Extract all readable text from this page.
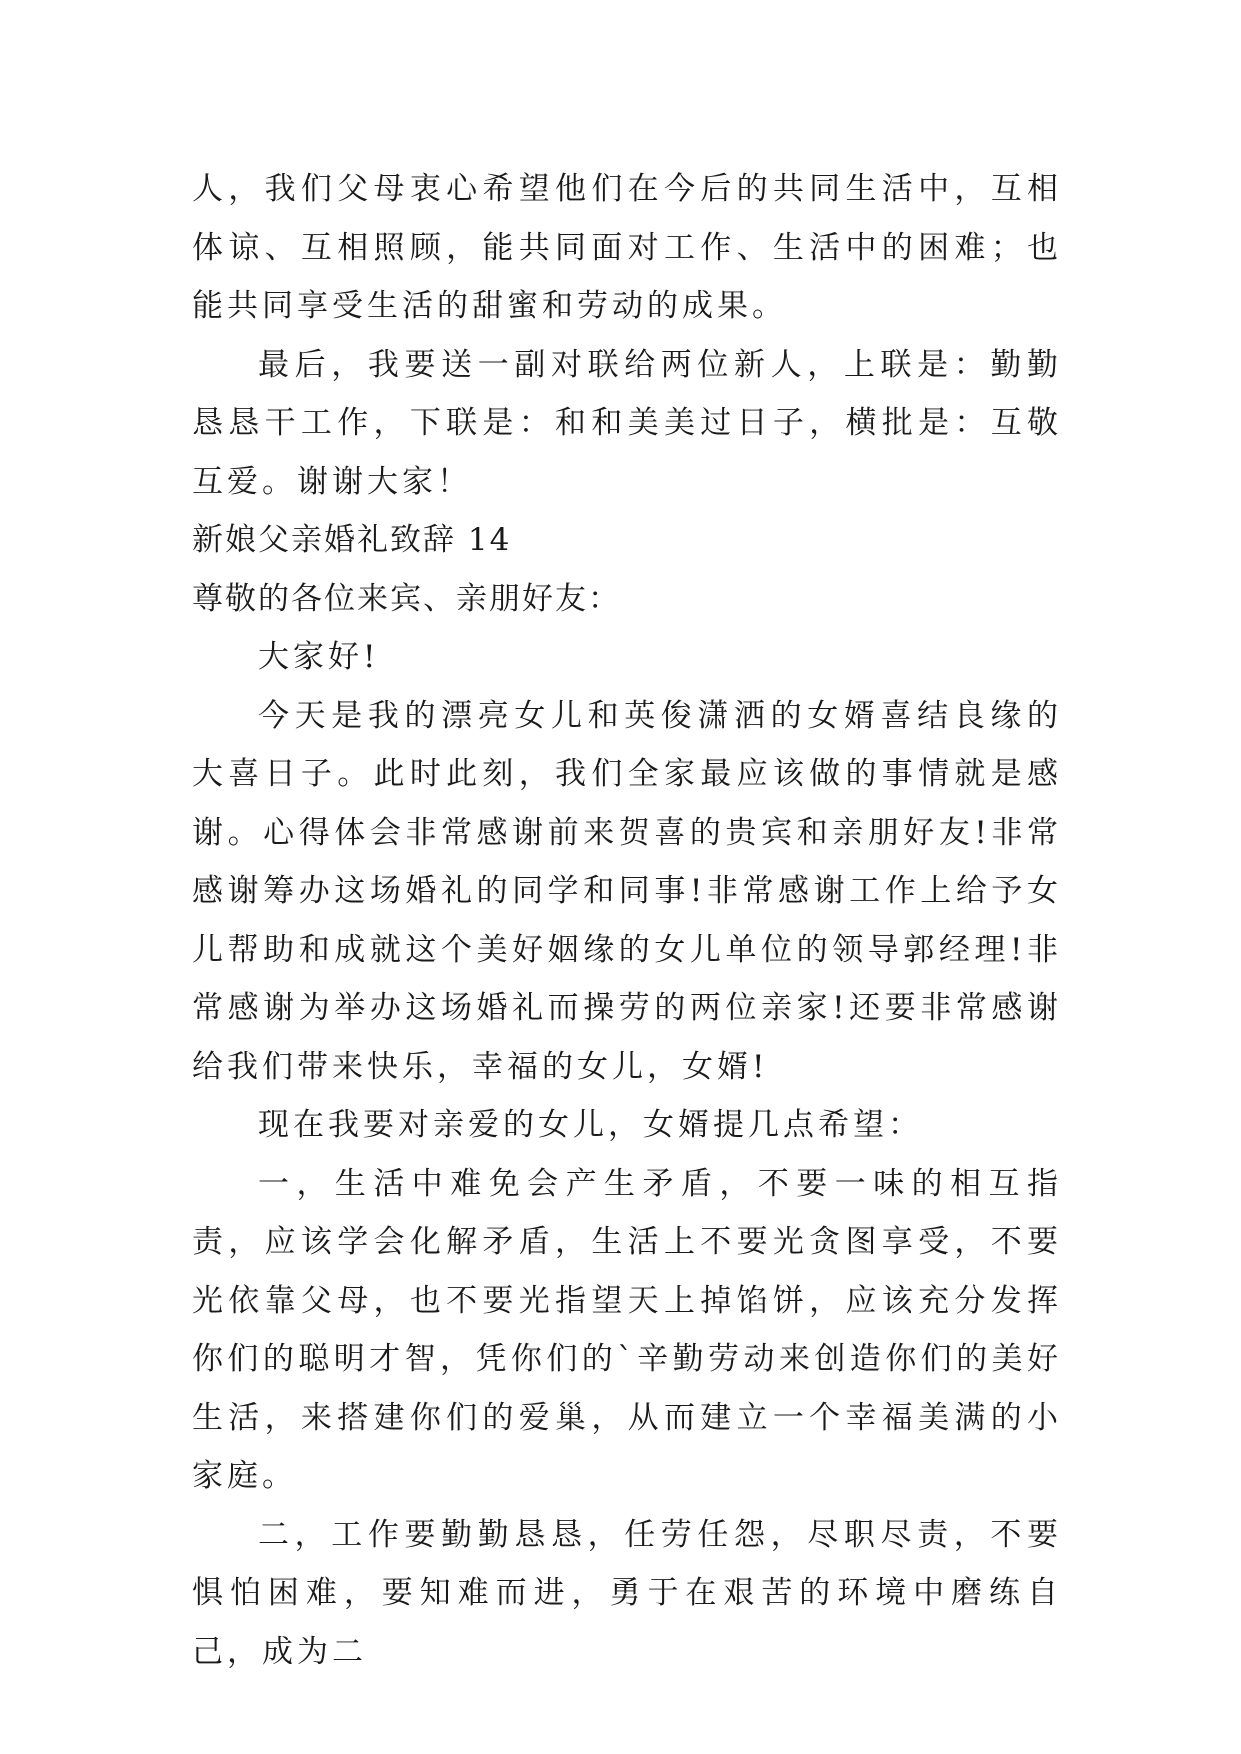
人，我们父母衷心希望他们在今后的共同生活中，互相体谅、互相照顾，能共同面对工作、生活中的困难；也能共同享受生活的甜蜜和劳动的成果。

最后，我要送一副对联给两位新人，上联是：勤勤恳恳干工作，下联是：和和美美过日子，横批是：互敬互爱。谢谢大家！

新娘父亲婚礼致辞 14

尊敬的各位来宾、亲朋好友：

大家好!

今天是我的漂亮女儿和英俊潇洒的女婿喜结良缘的大喜日子。此时此刻，我们全家最应该做的事情就是感谢。心得体会非常感谢前来贺喜的贵宾和亲朋好友!非常感谢筹办这场婚礼的同学和同事!非常感谢工作上给予女儿帮助和成就这个美好姻缘的女儿单位的领导郭经理!非常感谢为举办这场婚礼而操劳的两位亲家!还要非常感谢给我们带来快乐，幸福的女儿，女婿!

现在我要对亲爱的女儿，女婿提几点希望：

一，生活中难免会产生矛盾，不要一味的相互指责，应该学会化解矛盾，生活上不要光贪图享受，不要光依靠父母，也不要光指望天上掉馅饼，应该充分发挥你们的聪明才智，凭你们的`辛勤劳动来创造你们的美好生活，来搭建你们的爱巢，从而建立一个幸福美满的小家庭。

二，工作要勤勤恳恳，任劳任怨，尽职尽责，不要惧怕困难，要知难而进，勇于在艰苦的环境中磨练自己，成为二
